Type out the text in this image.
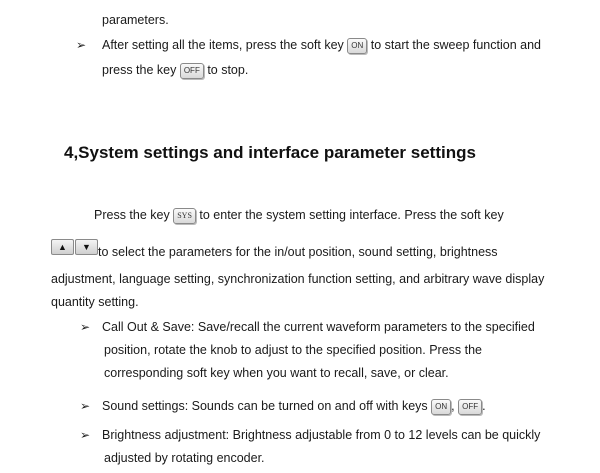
parameters.
➢ After setting all the items, press the soft key ON to start the sweep function and
press the key OFF to stop.
4,System settings and interface parameter settings
Press the key SYS to enter the system setting interface. Press the soft key
▲	▼ to select the parameters for the in/out position, sound setting, brightness
adjustment, language setting, synchronization function setting, and arbitrary wave display
quantity setting.
➢ Call Out & Save: Save/recall the current waveform parameters to the specified
position, rotate the knob to adjust to the specified position. Press the
corresponding soft key when you want to recall, save, or clear.
➢ Sound settings: Sounds can be turned on and off with keys ON , OFF .
➢ Brightness adjustment: Brightness adjustable from 0 to 12 levels can be quickly
adjusted by rotating encoder.
